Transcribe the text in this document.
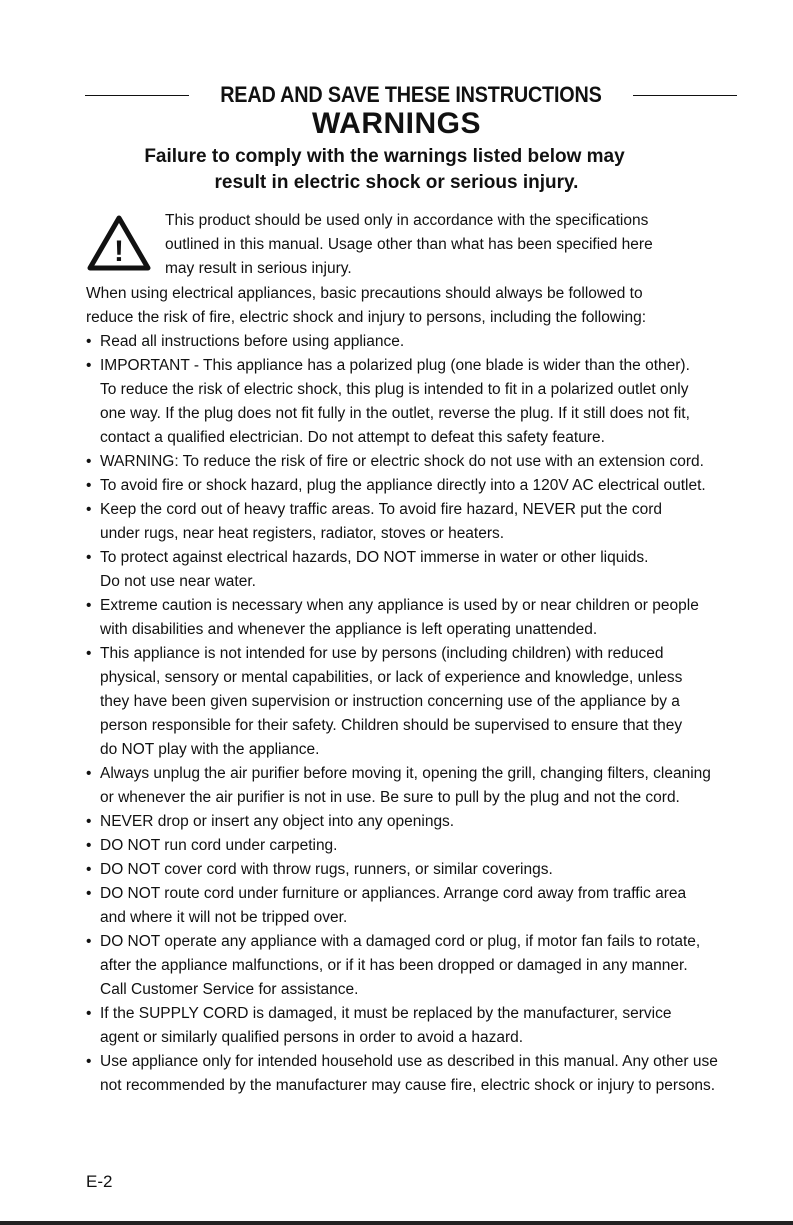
READ AND SAVE THESE INSTRUCTIONS
WARNINGS
Failure to comply with the warnings listed below may
result in electric shock or serious injury.
!
This product should be used only in accordance with the specifications
outlined in this manual. Usage other than what has been specified here
may result in serious injury.
When using electrical appliances, basic precautions should always be followed to
reduce the risk of fire, electric shock and injury to persons, including the following:
• Read all instructions before using appliance.
• IMPORTANT - This appliance has a polarized plug (one blade is wider than the other).
To reduce the risk of electric shock, this plug is intended to fit in a polarized outlet only
one way. If the plug does not fit fully in the outlet, reverse the plug. If it still does not fit,
contact a qualified electrician. Do not attempt to defeat this safety feature.
• WARNING: To reduce the risk of fire or electric shock do not use with an extension cord.
• To avoid fire or shock hazard, plug the appliance directly into a 120V AC electrical outlet.
• Keep the cord out of heavy traffic areas. To avoid fire hazard, NEVER put the cord
under rugs, near heat registers, radiator, stoves or heaters.
• To protect against electrical hazards, DO NOT immerse in water or other liquids.
Do not use near water.
• Extreme caution is necessary when any appliance is used by or near children or people
with disabilities and whenever the appliance is left operating unattended.
• This appliance is not intended for use by persons (including children) with reduced
physical, sensory or mental capabilities, or lack of experience and knowledge, unless
they have been given supervision or instruction concerning use of the appliance by a
person responsible for their safety. Children should be supervised to ensure that they
do NOT play with the appliance.
• Always unplug the air purifier before moving it, opening the grill, changing filters, cleaning
or whenever the air purifier is not in use. Be sure to pull by the plug and not the cord.
• NEVER drop or insert any object into any openings.
• DO NOT run cord under carpeting.
• DO NOT cover cord with throw rugs, runners, or similar coverings.
• DO NOT route cord under furniture or appliances. Arrange cord away from traffic area
and where it will not be tripped over.
• DO NOT operate any appliance with a damaged cord or plug, if motor fan fails to rotate,
after the appliance malfunctions, or if it has been dropped or damaged in any manner.
Call Customer Service for assistance.
• If the SUPPLY CORD is damaged, it must be replaced by the manufacturer, service
agent or similarly qualified persons in order to avoid a hazard.
• Use appliance only for intended household use as described in this manual. Any other use
not recommended by the manufacturer may cause fire, electric shock or injury to persons.
E-2
